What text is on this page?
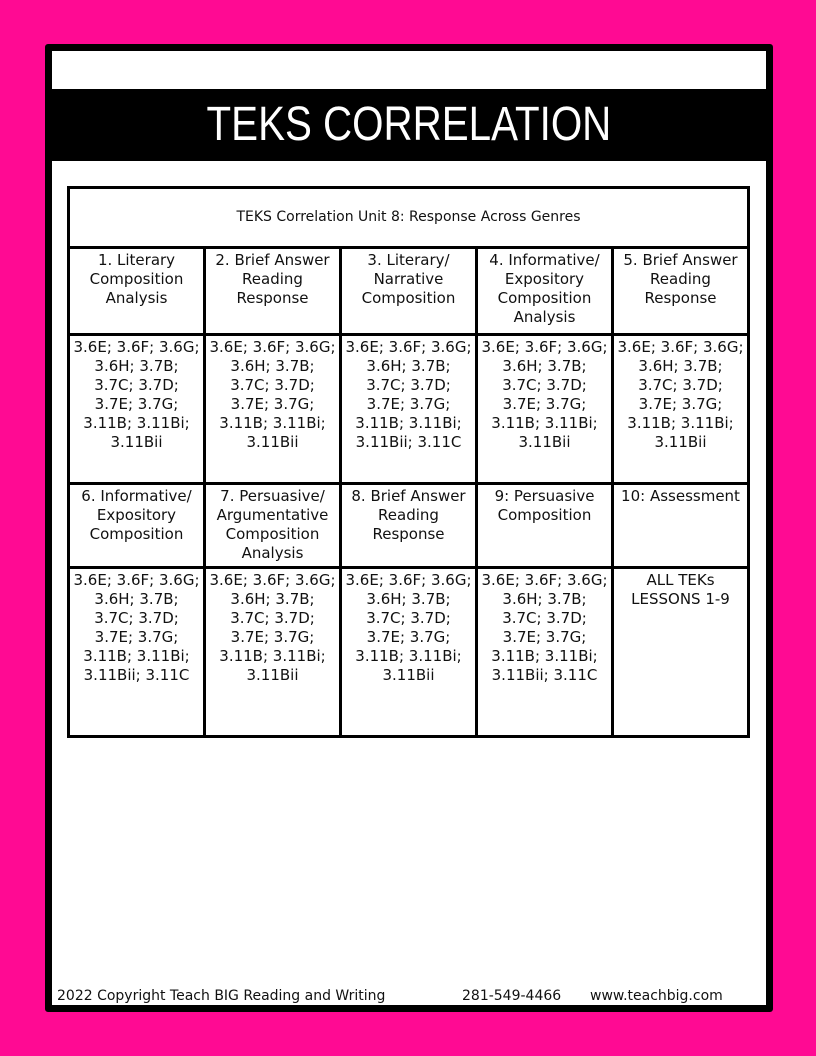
TEKS CORRELATION
TEKS Correlation Unit 8: Response Across Genres				
1. Literary Composition Analysis	2. Brief Answer Reading Response	3. Literary/ Narrative Composition	4. Informative/ Expository Composition Analysis	5. Brief Answer Reading Response
3.6E; 3.6F; 3.6G; 3.6H; 3.7B; 3.7C; 3.7D; 3.7E; 3.7G; 3.11B; 3.11Bi; 3.11Bii	3.6E; 3.6F; 3.6G; 3.6H; 3.7B; 3.7C; 3.7D; 3.7E; 3.7G; 3.11B; 3.11Bi; 3.11Bii	3.6E; 3.6F; 3.6G; 3.6H; 3.7B; 3.7C; 3.7D; 3.7E; 3.7G; 3.11B; 3.11Bi; 3.11Bii; 3.11C	3.6E; 3.6F; 3.6G; 3.6H; 3.7B; 3.7C; 3.7D; 3.7E; 3.7G; 3.11B; 3.11Bi; 3.11Bii	3.6E; 3.6F; 3.6G; 3.6H; 3.7B; 3.7C; 3.7D; 3.7E; 3.7G; 3.11B; 3.11Bi; 3.11Bii
6. Informative/ Expository Composition	7. Persuasive/ Argumentative Composition Analysis	8. Brief Answer Reading Response	9: Persuasive Composition	10: Assessment
3.6E; 3.6F; 3.6G; 3.6H; 3.7B; 3.7C; 3.7D; 3.7E; 3.7G; 3.11B; 3.11Bi; 3.11Bii; 3.11C	3.6E; 3.6F; 3.6G; 3.6H; 3.7B; 3.7C; 3.7D; 3.7E; 3.7G; 3.11B; 3.11Bi; 3.11Bii	3.6E; 3.6F; 3.6G; 3.6H; 3.7B; 3.7C; 3.7D; 3.7E; 3.7G; 3.11B; 3.11Bi; 3.11Bii	3.6E; 3.6F; 3.6G; 3.6H; 3.7B; 3.7C; 3.7D; 3.7E; 3.7G; 3.11B; 3.11Bi; 3.11Bii; 3.11C	ALL TEKs LESSONS 1-9
2022 Copyright Teach BIG Reading and Writing	281-549-4466 www.teachbig.com
